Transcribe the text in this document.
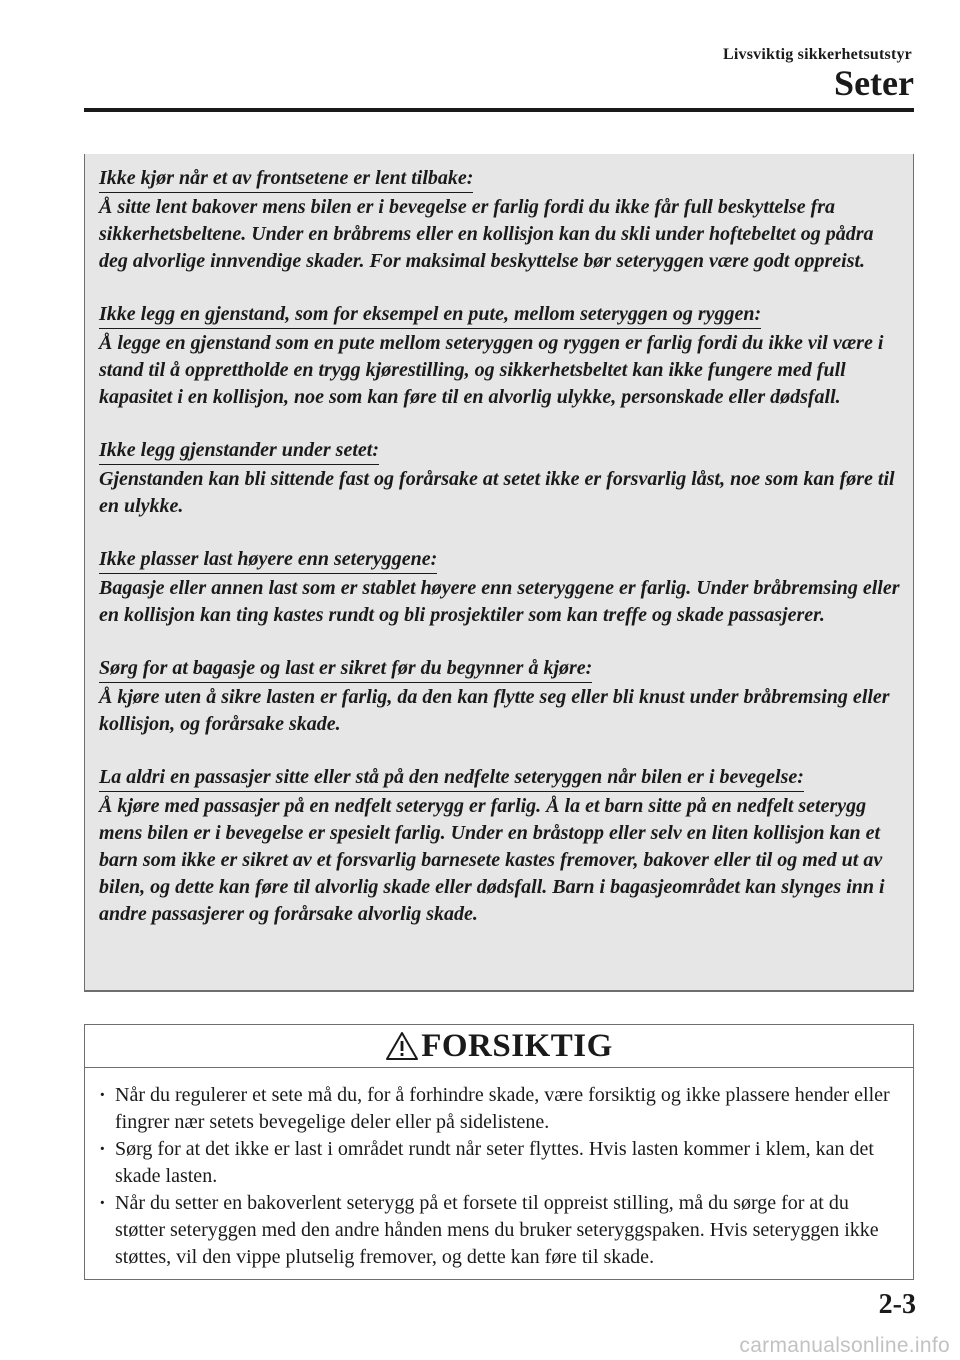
Livsviktig sikkerhetsutstyr
Seter
Ikke kjør når et av frontsetene er lent tilbake:
Å sitte lent bakover mens bilen er i bevegelse er farlig fordi du ikke får full beskyttelse fra sikkerhetsbeltene. Under en bråbrems eller en kollisjon kan du skli under hoftebeltet og pådra deg alvorlige innvendige skader. For maksimal beskyttelse bør seteryggen være godt oppreist.
Ikke legg en gjenstand, som for eksempel en pute, mellom seteryggen og ryggen:
Å legge en gjenstand som en pute mellom seteryggen og ryggen er farlig fordi du ikke vil være i stand til å opprettholde en trygg kjørestilling, og sikkerhetsbeltet kan ikke fungere med full kapasitet i en kollisjon, noe som kan føre til en alvorlig ulykke, personskade eller dødsfall.
Ikke legg gjenstander under setet:
Gjenstanden kan bli sittende fast og forårsake at setet ikke er forsvarlig låst, noe som kan føre til en ulykke.
Ikke plasser last høyere enn seteryggene:
Bagasje eller annen last som er stablet høyere enn seteryggene er farlig. Under bråbremsing eller en kollisjon kan ting kastes rundt og bli prosjektiler som kan treffe og skade passasjerer.
Sørg for at bagasje og last er sikret før du begynner å kjøre:
Å kjøre uten å sikre lasten er farlig, da den kan flytte seg eller bli knust under bråbremsing eller kollisjon, og forårsake skade.
La aldri en passasjer sitte eller stå på den nedfelte seteryggen når bilen er i bevegelse:
Å kjøre med passasjer på en nedfelt seterygg er farlig. Å la et barn sitte på en nedfelt seterygg mens bilen er i bevegelse er spesielt farlig. Under en bråstopp eller selv en liten kollisjon kan et barn som ikke er sikret av et forsvarlig barnesete kastes fremover, bakover eller til og med ut av bilen, og dette kan føre til alvorlig skade eller dødsfall. Barn i bagasjeområdet kan slynges inn i andre passasjerer og forårsake alvorlig skade.
FORSIKTIG
· Når du regulerer et sete må du, for å forhindre skade, være forsiktig og ikke plassere hender eller fingrer nær setets bevegelige deler eller på sidelistene.
· Sørg for at det ikke er last i området rundt når seter flyttes. Hvis lasten kommer i klem, kan det skade lasten.
· Når du setter en bakoverlent seterygg på et forsete til oppreist stilling, må du sørge for at du støtter seteryggen med den andre hånden mens du bruker seteryggspaken. Hvis seteryggen ikke støttes, vil den vippe plutselig fremover, og dette kan føre til skade.
2-3
carmanualsonline.info
